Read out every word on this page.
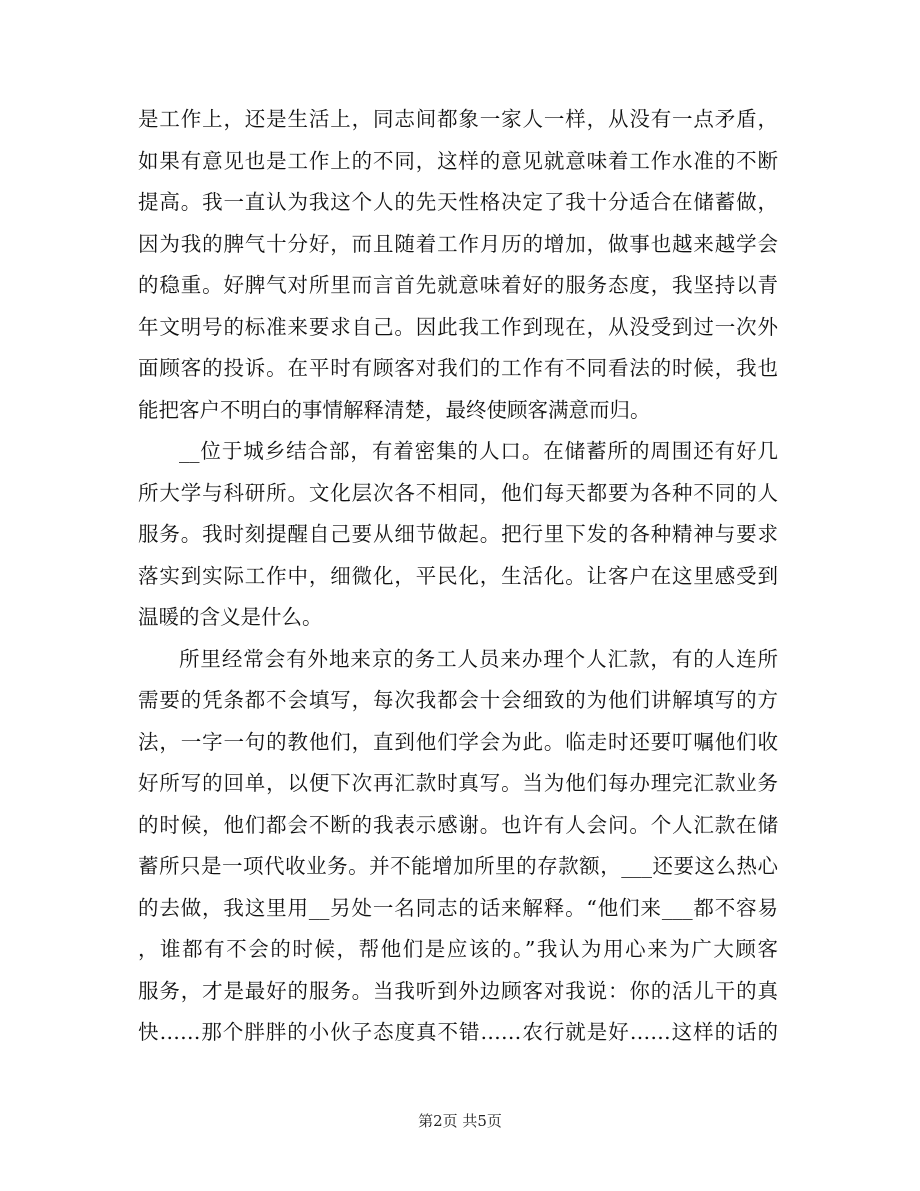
是工作上，还是生活上，同志间都象一家人一样，从没有一点矛盾，
如果有意见也是工作上的不同，这样的意见就意味着工作水准的不断
提高。我一直认为我这个人的先天性格决定了我十分适合在储蓄做，
因为我的脾气十分好，而且随着工作月历的增加，做事也越来越学会
的稳重。好脾气对所里而言首先就意味着好的服务态度，我坚持以青
年文明号的标准来要求自己。因此我工作到现在，从没受到过一次外
面顾客的投诉。在平时有顾客对我们的工作有不同看法的时候，我也
能把客户不明白的事情解释清楚，最终使顾客满意而归。
__位于城乡结合部，有着密集的人口。在储蓄所的周围还有好几
所大学与科研所。文化层次各不相同，他们每天都要为各种不同的人
服务。我时刻提醒自己要从细节做起。把行里下发的各种精神与要求
落实到实际工作中，细微化，平民化，生活化。让客户在这里感受到
温暖的含义是什么。
所里经常会有外地来京的务工人员来办理个人汇款，有的人连所
需要的凭条都不会填写，每次我都会十会细致的为他们讲解填写的方
法，一字一句的教他们，直到他们学会为此。临走时还要叮嘱他们收
好所写的回单，以便下次再汇款时真写。当为他们每办理完汇款业务
的时候，他们都会不断的我表示感谢。也许有人会问。个人汇款在储
蓄所只是一项代收业务。并不能增加所里的存款额，___还要这么热心
的去做，我这里用__另处一名同志的话来解释。“他们来___都不容易
，谁都有不会的时候，帮他们是应该的。”我认为用心来为广大顾客
服务，才是最好的服务。当我听到外边顾客对我说：你的活儿干的真
快……那个胖胖的小伙子态度真不错……农行就是好……这样的话的
第2页 共5页
